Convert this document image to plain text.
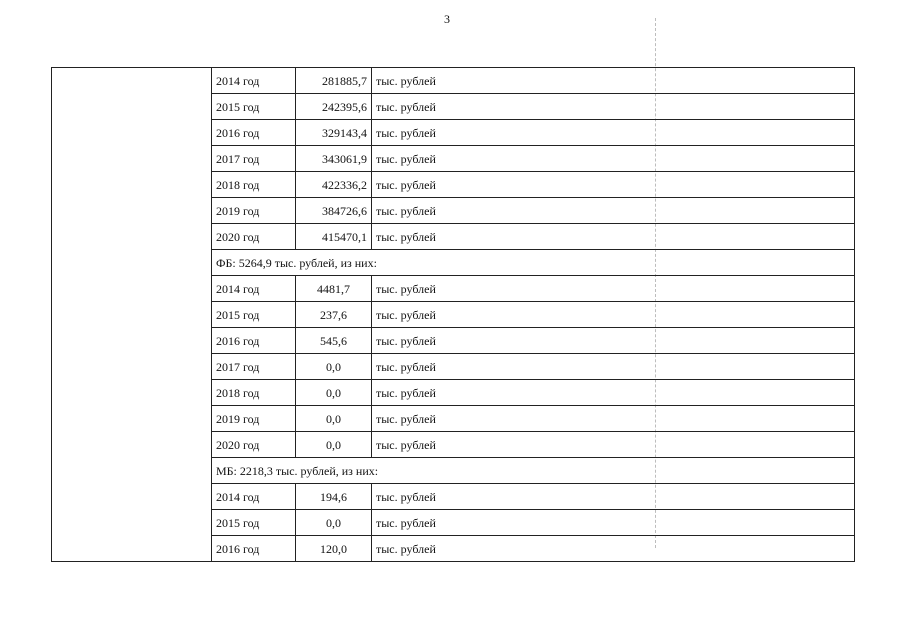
3
	2014 год	281885,7	тыс. рублей
	2015 год	242395,6	тыс. рублей
	2016 год	329143,4	тыс. рублей
	2017 год	343061,9	тыс. рублей
	2018 год	422336,2	тыс. рублей
	2019 год	384726,6	тыс. рублей
	2020 год	415470,1	тыс. рублей
	ФБ: 5264,9 тыс. рублей, из них:		
	2014 год	4481,7	тыс. рублей
	2015 год	237,6	тыс. рублей
	2016 год	545,6	тыс. рублей
	2017 год	0,0	тыс. рублей
	2018 год	0,0	тыс. рублей
	2019 год	0,0	тыс. рублей
	2020 год	0,0	тыс. рублей
	МБ: 2218,3 тыс. рублей, из них:		
	2014 год	194,6	тыс. рублей
	2015 год	0,0	тыс. рублей
	2016 год	120,0	тыс. рублей
